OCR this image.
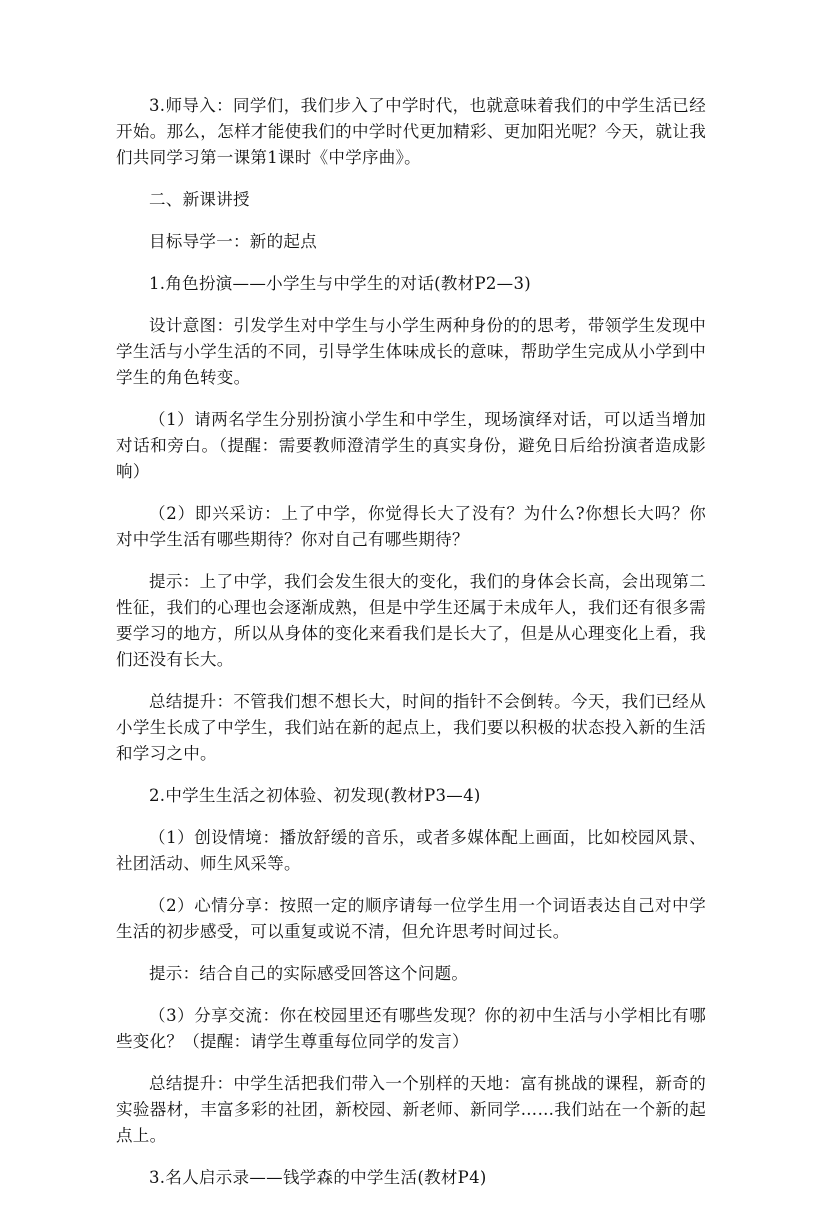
3.师导入：同学们，我们步入了中学时代，也就意味着我们的中学生活已经开始。那么，怎样才能使我们的中学时代更加精彩、更加阳光呢？今天，就让我们共同学习第一课第1课时《中学序曲》。

二、新课讲授

目标导学一：新的起点

1.角色扮演——小学生与中学生的对话(教材P2—3)

设计意图：引发学生对中学生与小学生两种身份的的思考，带领学生发现中学生活与小学生活的不同，引导学生体味成长的意味，帮助学生完成从小学到中学生的角色转变。

（1）请两名学生分别扮演小学生和中学生，现场演绎对话，可以适当增加对话和旁白。（提醒：需要教师澄清学生的真实身份，避免日后给扮演者造成影响）

（2）即兴采访：上了中学，你觉得长大了没有？为什么?你想长大吗？你对中学生活有哪些期待？你对自己有哪些期待？

提示：上了中学，我们会发生很大的变化，我们的身体会长高，会出现第二性征，我们的心理也会逐渐成熟，但是中学生还属于未成年人，我们还有很多需要学习的地方，所以从身体的变化来看我们是长大了，但是从心理变化上看，我们还没有长大。

总结提升：不管我们想不想长大，时间的指针不会倒转。今天，我们已经从小学生长成了中学生，我们站在新的起点上，我们要以积极的状态投入新的生活和学习之中。

2.中学生生活之初体验、初发现(教材P3—4)

（1）创设情境：播放舒缓的音乐，或者多媒体配上画面，比如校园风景、社团活动、师生风采等。

（2）心情分享：按照一定的顺序请每一位学生用一个词语表达自己对中学生活的初步感受，可以重复或说不清，但允许思考时间过长。

提示：结合自己的实际感受回答这个问题。

（3）分享交流：你在校园里还有哪些发现？你的初中生活与小学相比有哪些变化？（提醒：请学生尊重每位同学的发言）

总结提升：中学生活把我们带入一个别样的天地：富有挑战的课程，新奇的实验器材，丰富多彩的社团，新校园、新老师、新同学……我们站在一个新的起点上。

3.名人启示录——钱学森的中学生活(教材P4)
